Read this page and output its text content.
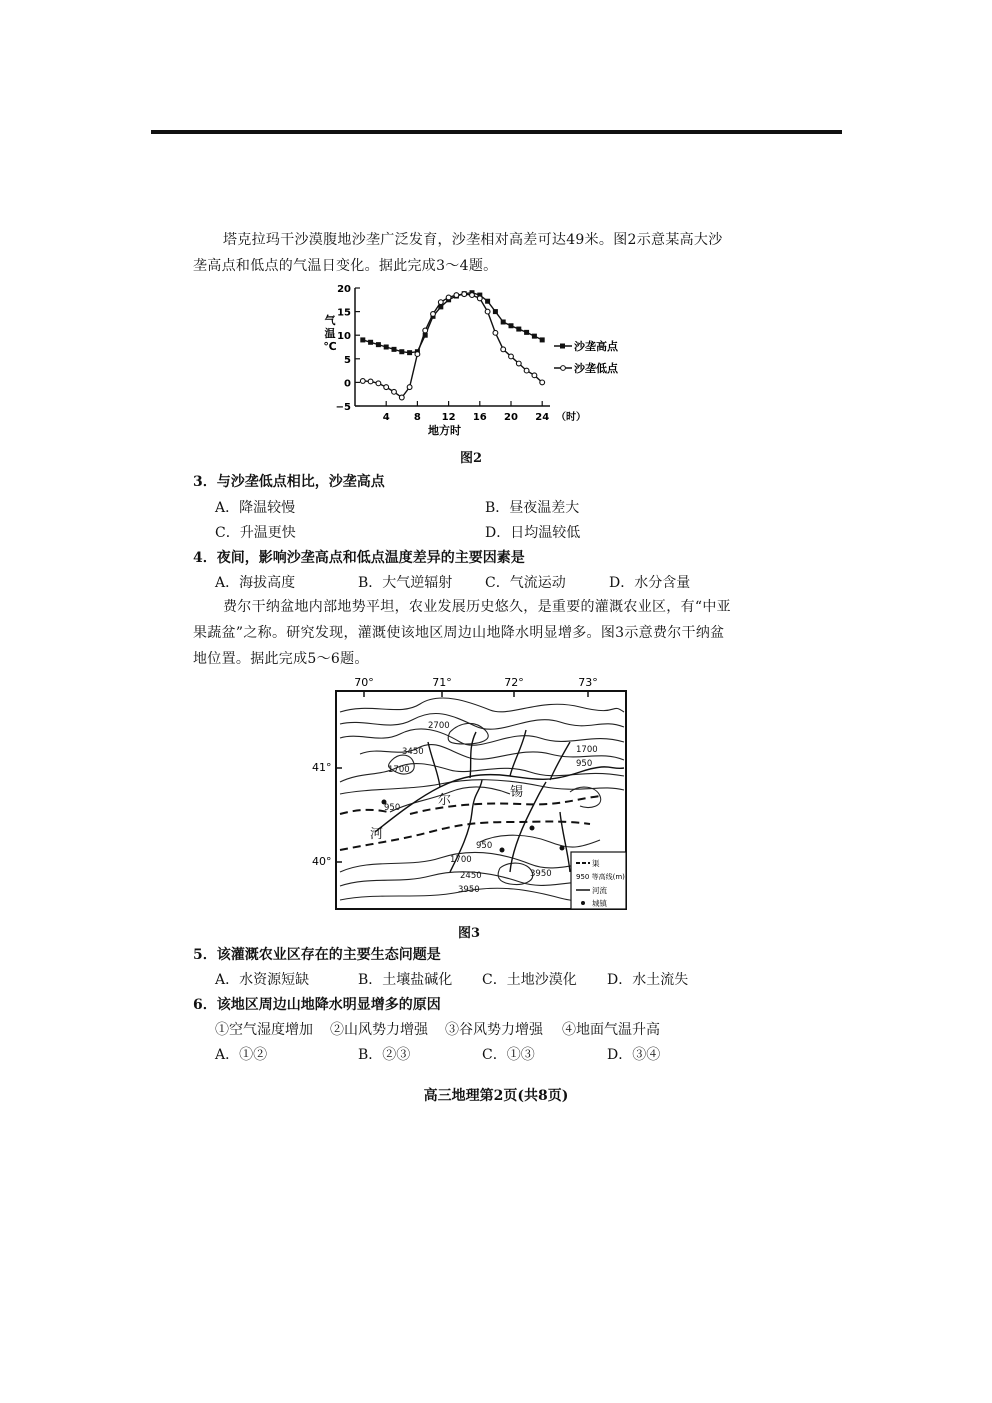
塔克拉玛干沙漠腹地沙垄广泛发育，沙垄相对高差可达49米。图2示意某高大沙
垄高点和低点的气温日变化。据此完成3～4题。
20
15
10
5
0
−5
4 8 12 16 20 24 （时）
地方时
气
温
℃	沙垄高点
沙垄低点
图2
3．与沙垄低点相比，沙垄高点
A．降温较慢	B．昼夜温差大
C．升温更快	D．日均温较低
4．夜间，影响沙垄高点和低点温度差异的主要因素是
A．海拔高度	B．大气逆辐射 C．气流运动	D．水分含量
费尔干纳盆地内部地势平坦，农业发展历史悠久，是重要的灌溉农业区，有“中亚
果蔬盆”之称。研究发现，灌溉使该地区周边山地降水明显增多。图3示意费尔干纳盆
地位置。据此完成5～6题。
70°	71°	72°	73°
41°
40°
3450
2700
1700
950
1700
950
950
1700
2450
3950
3950
尔
锡
河
渠
950 等高线(m)
河流
城镇
图3
5．该灌溉农业区存在的主要生态问题是
A．水资源短缺	B．土壤盐碱化 C．土地沙漠化 D．水土流失
6．该地区周边山地降水明显增多的原因
①空气湿度增加 ②山风势力增强 ③谷风势力增强 ④地面气温升高
A．①②	B．②③	C．①③	D．③④
高三地理第2页(共8页)
